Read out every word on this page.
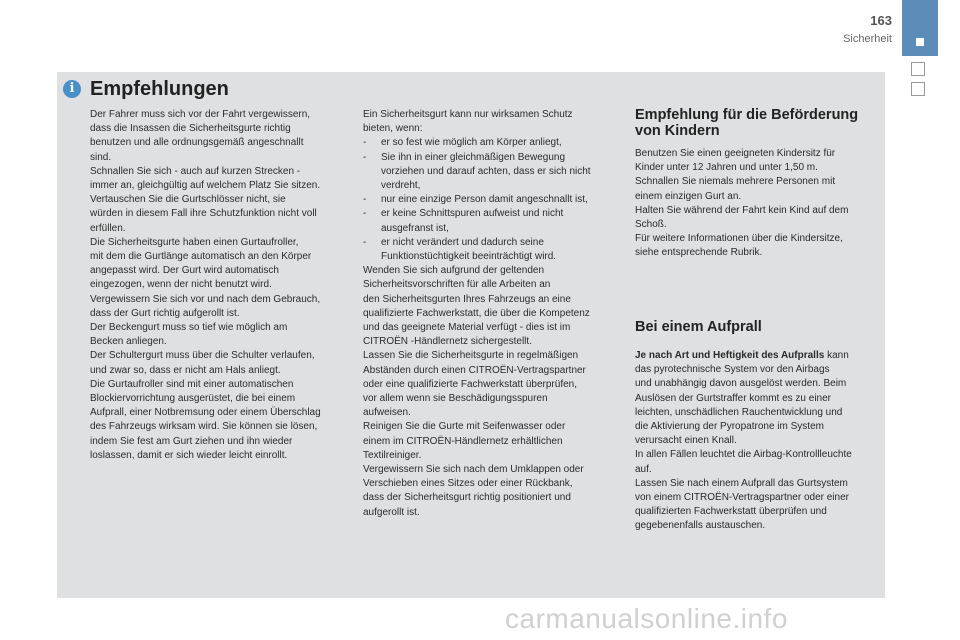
163
Sicherheit
i Empfehlungen

Der Fahrer muss sich vor der Fahrt vergewissern,

dass die Insassen die Sicherheitsgurte richtig

benutzen und alle ordnungsgemäß angeschnallt

sind.

Schnallen Sie sich - auch auf kurzen Strecken -

immer an, gleichgültig auf welchem Platz Sie sitzen.

Vertauschen Sie die Gurtschlösser nicht, sie

würden in diesem Fall ihre Schutzfunktion nicht voll

erfüllen.

Die Sicherheitsgurte haben einen Gurtaufroller,

mit dem die Gurtlänge automatisch an den Körper

angepasst wird. Der Gurt wird automatisch

eingezogen, wenn der nicht benutzt wird.

Vergewissern Sie sich vor und nach dem Gebrauch,

dass der Gurt richtig aufgerollt ist.

Der Beckengurt muss so tief wie möglich am

Becken anliegen.

Der Schultergurt muss über die Schulter verlaufen,

und zwar so, dass er nicht am Hals anliegt.

Die Gurtaufroller sind mit einer automatischen

Blockiervorrichtung ausgerüstet, die bei einem

Aufprall, einer Notbremsung oder einem Überschlag

des Fahrzeugs wirksam wird. Sie können sie lösen,

indem Sie fest am Gurt ziehen und ihn wieder

loslassen, damit er sich wieder leicht einrollt.

Ein Sicherheitsgurt kann nur wirksamen Schutz

bieten, wenn:

-	er so fest wie möglich am Körper anliegt,
-	Sie ihn in einer gleichmäßigen Bewegung
vorziehen und darauf achten, dass er sich nicht
verdreht,
-	nur eine einzige Person damit angeschnallt ist,
-	er keine Schnittspuren aufweist und nicht
ausgefranst ist,
-	er nicht verändert und dadurch seine
Funktionstüchtigkeit beeinträchtigt wird.

Wenden Sie sich aufgrund der geltenden

Sicherheitsvorschriften für alle Arbeiten an

den Sicherheitsgurten Ihres Fahrzeugs an eine

qualifizierte Fachwerkstatt, die über die Kompetenz

und das geeignete Material verfügt - dies ist im

CITROËN -Händlernetz sichergestellt.

Lassen Sie die Sicherheitsgurte in regelmäßigen

Abständen durch einen CITROËN-Vertragspartner

oder eine qualifizierte Fachwerkstatt überprüfen,

vor allem wenn sie Beschädigungsspuren

aufweisen.

Reinigen Sie die Gurte mit Seifenwasser oder

einem im CITROËN-Händlernetz erhältlichen

Textilreiniger.

Vergewissern Sie sich nach dem Umklappen oder

Verschieben eines Sitzes oder einer Rückbank,

dass der Sicherheitsgurt richtig positioniert und

aufgerollt ist.

Empfehlung für die Beförderung

von Kindern

Benutzen Sie einen geeigneten Kindersitz für

Kinder unter 12 Jahren und unter 1,50 m.

Schnallen Sie niemals mehrere Personen mit

einem einzigen Gurt an.

Halten Sie während der Fahrt kein Kind auf dem

Schoß.

Für weitere Informationen über die Kindersitze,

siehe entsprechende Rubrik.

Bei einem Aufprall

Je nach Art und Heftigkeit des Aufpralls kann

das pyrotechnische System vor den Airbags

und unabhängig davon ausgelöst werden. Beim

Auslösen der Gurtstraffer kommt es zu einer

leichten, unschädlichen Rauchentwicklung und

die Aktivierung der Pyropatrone im System

verursacht einen Knall.

In allen Fällen leuchtet die Airbag-Kontrollleuchte

auf.

Lassen Sie nach einem Aufprall das Gurtsystem

von einem CITROËN-Vertragspartner oder einer

qualifizierten Fachwerkstatt überprüfen und

gegebenenfalls austauschen.

carmanualsonline.info
